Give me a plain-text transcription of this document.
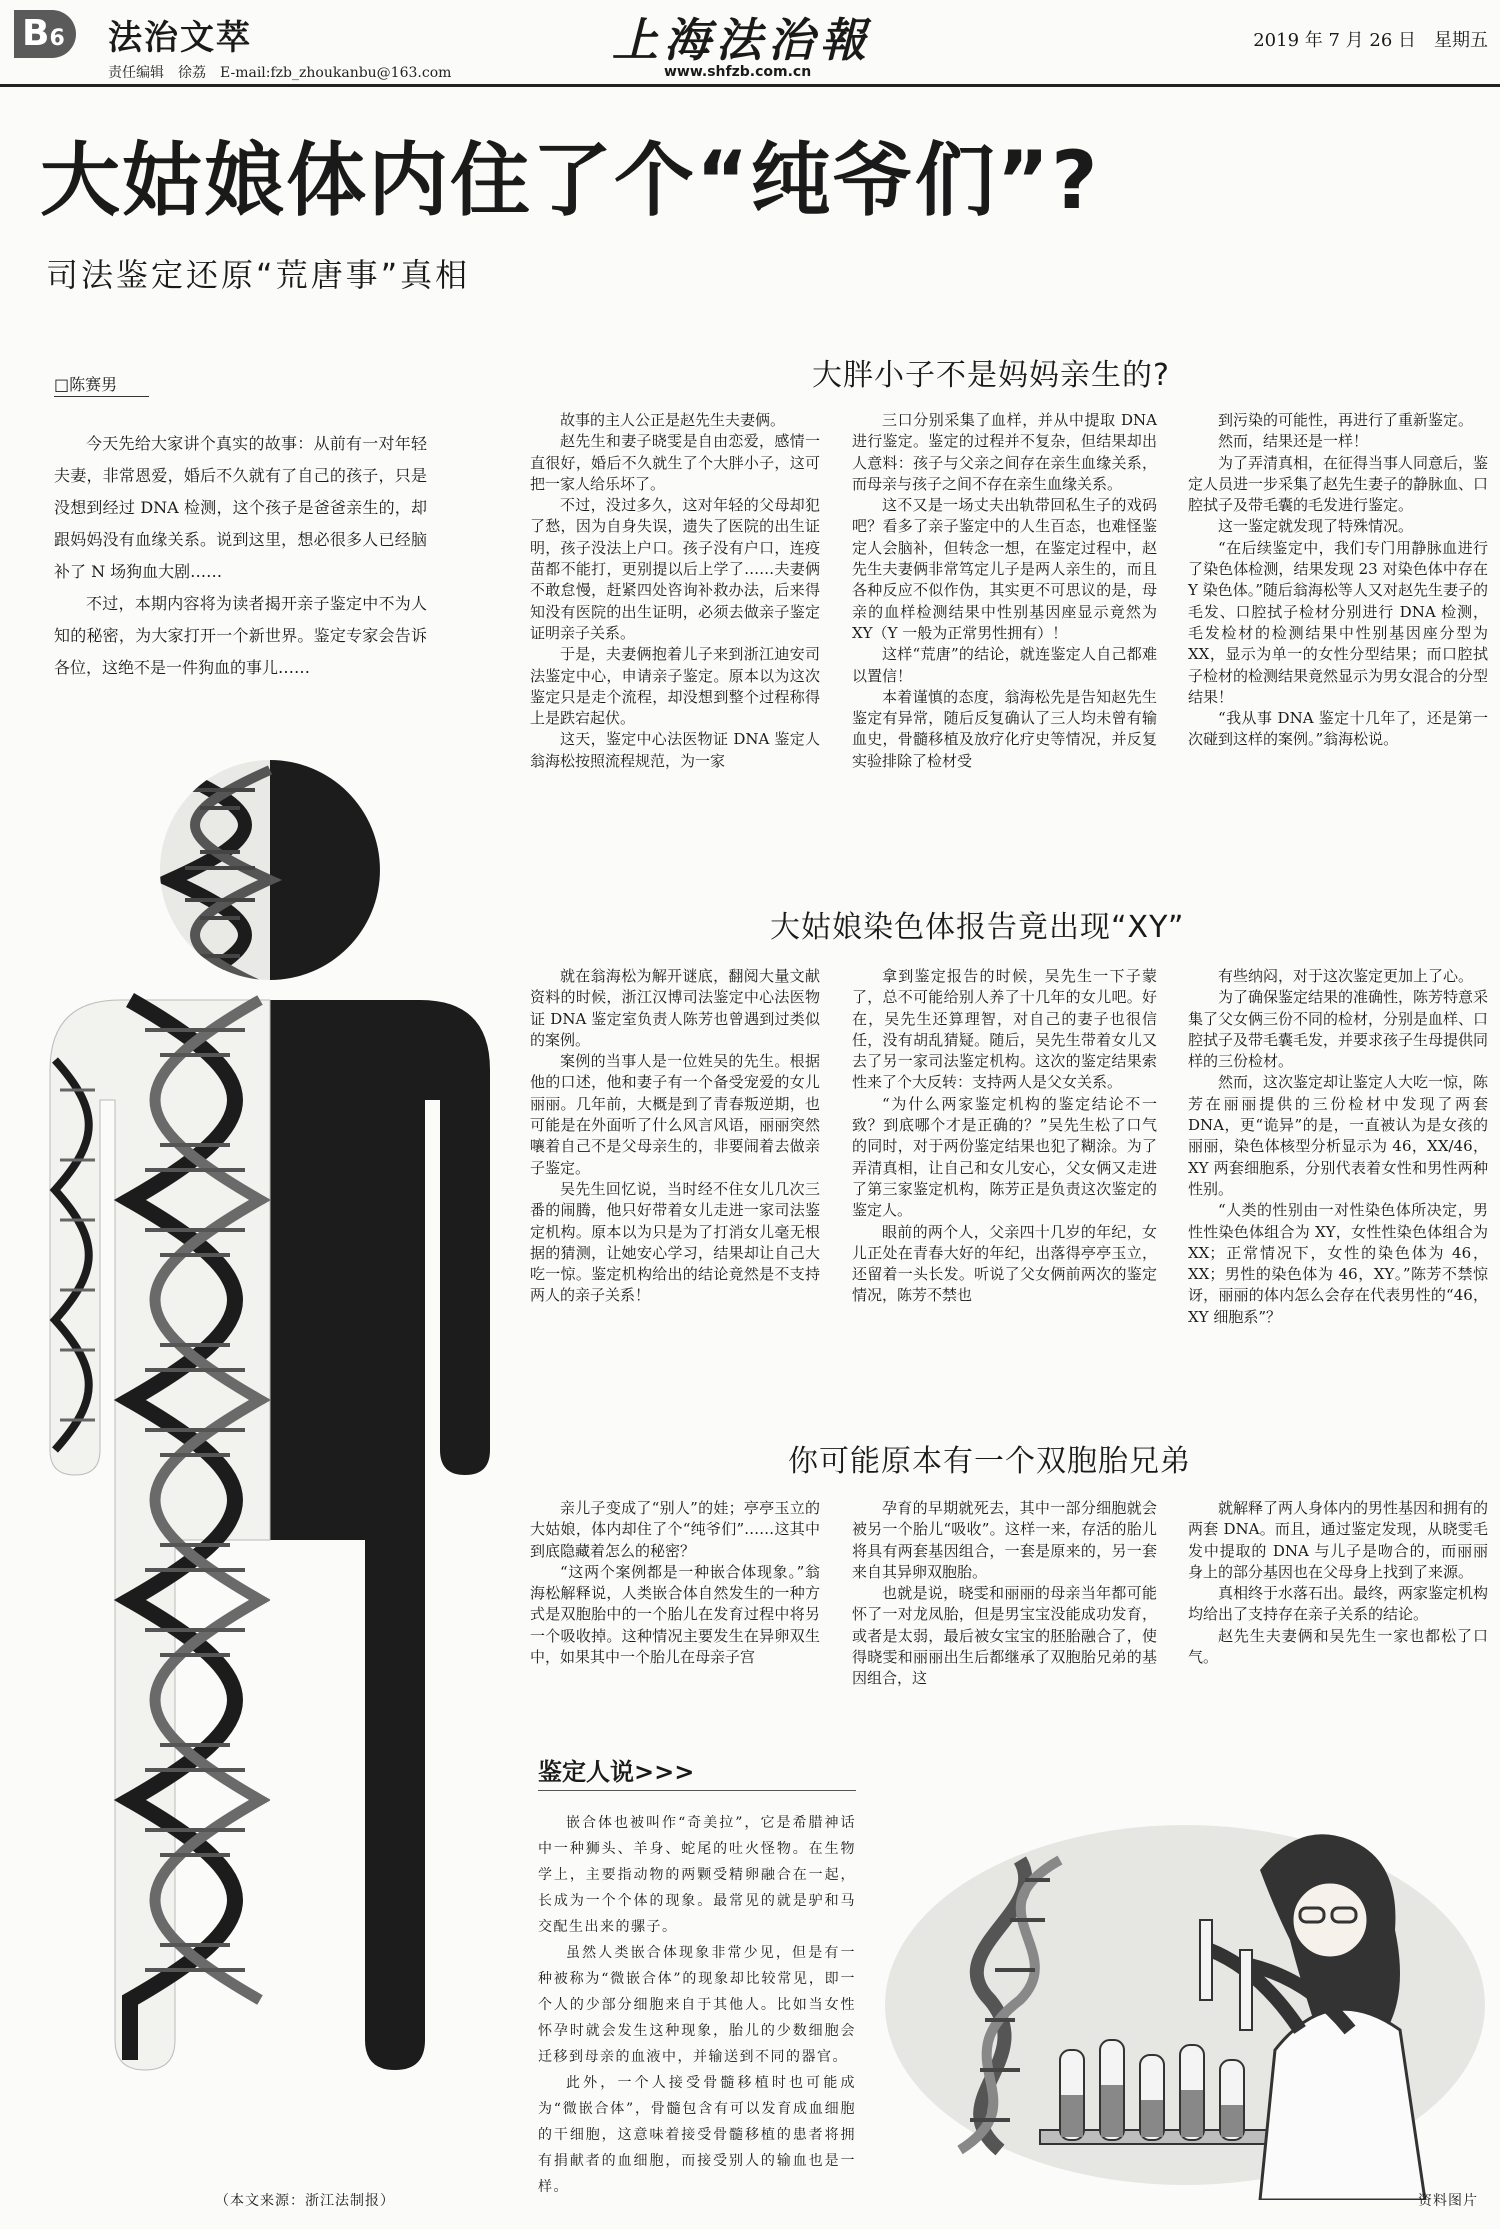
B6	法治文萃
责任编辑　徐荔　E-mail:fzb_zhoukanbu@163.com
上海法治報
www.shfzb.com.cn
2019 年 7 月 26 日　星期五
大姑娘体内住了个“纯爷们”?
司法鉴定还原“荒唐事”真相
□陈赛男

今天先给大家讲个真实的故事：从前有一对年轻夫妻，非常恩爱，婚后不久就有了自己的孩子，只是没想到经过 DNA 检测，这个孩子是爸爸亲生的，却跟妈妈没有血缘关系。说到这里，想必很多人已经脑补了 N 场狗血大剧……

不过，本期内容将为读者揭开亲子鉴定中不为人知的秘密，为大家打开一个新世界。鉴定专家会告诉各位，这绝不是一件狗血的事儿……

（本文来源：浙江法制报）
大胖小子不是妈妈亲生的?

故事的主人公正是赵先生夫妻俩。

赵先生和妻子晓雯是自由恋爱，感情一直很好，婚后不久就生了个大胖小子，这可把一家人给乐坏了。

不过，没过多久，这对年轻的父母却犯了愁，因为自身失误，遗失了医院的出生证明，孩子没法上户口。孩子没有户口，连疫苗都不能打，更别提以后上学了……夫妻俩不敢怠慢，赶紧四处咨询补救办法，后来得知没有医院的出生证明，必须去做亲子鉴定证明亲子关系。

于是，夫妻俩抱着儿子来到浙江迪安司法鉴定中心，申请亲子鉴定。原本以为这次鉴定只是走个流程，却没想到整个过程称得上是跌宕起伏。

这天，鉴定中心法医物证 DNA 鉴定人翁海松按照流程规范，为一家

三口分别采集了血样，并从中提取 DNA 进行鉴定。鉴定的过程并不复杂，但结果却出人意料：孩子与父亲之间存在亲生血缘关系，而母亲与孩子之间不存在亲生血缘关系。

这不又是一场丈夫出轨带回私生子的戏码吧？看多了亲子鉴定中的人生百态，也难怪鉴定人会脑补，但转念一想，在鉴定过程中，赵先生夫妻俩非常笃定儿子是两人亲生的，而且各种反应不似作伪，其实更不可思议的是，母亲的血样检测结果中性别基因座显示竟然为 XY（Y 一般为正常男性拥有）！

这样“荒唐”的结论，就连鉴定人自己都难以置信！

本着谨慎的态度，翁海松先是告知赵先生鉴定有异常，随后反复确认了三人均未曾有输血史，骨髓移植及放疗化疗史等情况，并反复实验排除了检材受

到污染的可能性，再进行了重新鉴定。

然而，结果还是一样！

为了弄清真相，在征得当事人同意后，鉴定人员进一步采集了赵先生妻子的静脉血、口腔拭子及带毛囊的毛发进行鉴定。

这一鉴定就发现了特殊情况。

“在后续鉴定中，我们专门用静脉血进行了染色体检测，结果发现 23 对染色体中存在 Y 染色体。”随后翁海松等人又对赵先生妻子的毛发、口腔拭子检材分别进行 DNA 检测，毛发检材的检测结果中性别基因座分型为 XX，显示为单一的女性分型结果；而口腔拭子检材的检测结果竟然显示为男女混合的分型结果！

“我从事 DNA 鉴定十几年了，还是第一次碰到这样的案例。”翁海松说。

大姑娘染色体报告竟出现“XY”

就在翁海松为解开谜底，翻阅大量文献资料的时候，浙江汉博司法鉴定中心法医物证 DNA 鉴定室负责人陈芳也曾遇到过类似的案例。

案例的当事人是一位姓吴的先生。根据他的口述，他和妻子有一个备受宠爱的女儿丽丽。几年前，大概是到了青春叛逆期，也可能是在外面听了什么风言风语，丽丽突然嚷着自己不是父母亲生的，非要闹着去做亲子鉴定。

吴先生回忆说，当时经不住女儿几次三番的闹腾，他只好带着女儿走进一家司法鉴定机构。原本以为只是为了打消女儿毫无根据的猜测，让她安心学习，结果却让自己大吃一惊。鉴定机构给出的结论竟然是不支持两人的亲子关系！

拿到鉴定报告的时候，吴先生一下子蒙了，总不可能给别人养了十几年的女儿吧。好在，吴先生还算理智，对自己的妻子也很信任，没有胡乱猜疑。随后，吴先生带着女儿又去了另一家司法鉴定机构。这次的鉴定结果索性来了个大反转：支持两人是父女关系。

“为什么两家鉴定机构的鉴定结论不一致？到底哪个才是正确的？”吴先生松了口气的同时，对于两份鉴定结果也犯了糊涂。为了弄清真相，让自己和女儿安心，父女俩又走进了第三家鉴定机构，陈芳正是负责这次鉴定的鉴定人。

眼前的两个人，父亲四十几岁的年纪，女儿正处在青春大好的年纪，出落得亭亭玉立，还留着一头长发。听说了父女俩前两次的鉴定情况，陈芳不禁也

有些纳闷，对于这次鉴定更加上了心。

为了确保鉴定结果的准确性，陈芳特意采集了父女俩三份不同的检材，分别是血样、口腔拭子及带毛囊毛发，并要求孩子生母提供同样的三份检材。

然而，这次鉴定却让鉴定人大吃一惊，陈芳在丽丽提供的三份检材中发现了两套 DNA，更“诡异”的是，一直被认为是女孩的丽丽，染色体核型分析显示为 46，XX/46，XY 两套细胞系，分别代表着女性和男性两种性别。

“人类的性别由一对性染色体所决定，男性性染色体组合为 XY，女性性染色体组合为 XX；正常情况下，女性的染色体为 46，XX；男性的染色体为 46，XY。”陈芳不禁惊讶，丽丽的体内怎么会存在代表男性的“46，XY 细胞系”？

你可能原本有一个双胞胎兄弟

亲儿子变成了“别人”的娃；亭亭玉立的大姑娘，体内却住了个“纯爷们”……这其中到底隐藏着怎么的秘密？

“这两个案例都是一种嵌合体现象。”翁海松解释说，人类嵌合体自然发生的一种方式是双胞胎中的一个胎儿在发育过程中将另一个吸收掉。这种情况主要发生在异卵双生中，如果其中一个胎儿在母亲子宫

孕育的早期就死去，其中一部分细胞就会被另一个胎儿“吸收”。这样一来，存活的胎儿将具有两套基因组合，一套是原来的，另一套来自其异卵双胞胎。

也就是说，晓雯和丽丽的母亲当年都可能怀了一对龙凤胎，但是男宝宝没能成功发育，或者是太弱，最后被女宝宝的胚胎融合了，使得晓雯和丽丽出生后都继承了双胞胎兄弟的基因组合，这

就解释了两人身体内的男性基因和拥有的两套 DNA。而且，通过鉴定发现，从晓雯毛发中提取的 DNA 与儿子是吻合的，而丽丽身上的部分基因也在父母身上找到了来源。

真相终于水落石出。最终，两家鉴定机构均给出了支持存在亲子关系的结论。

赵先生夫妻俩和吴先生一家也都松了口气。

鉴定人说>>>

嵌合体也被叫作“奇美拉”，它是希腊神话中一种狮头、羊身、蛇尾的吐火怪物。在生物学上，主要指动物的两颗受精卵融合在一起，长成为一个个体的现象。最常见的就是驴和马交配生出来的骡子。

虽然人类嵌合体现象非常少见，但是有一种被称为“微嵌合体”的现象却比较常见，即一个人的少部分细胞来自于其他人。比如当女性怀孕时就会发生这种现象，胎儿的少数细胞会迁移到母亲的血液中，并输送到不同的器官。

此外，一个人接受骨髓移植时也可能成为“微嵌合体”，骨髓包含有可以发育成血细胞的干细胞，这意味着接受骨髓移植的患者将拥有捐献者的血细胞，而接受别人的输血也是一样。

资料图片
